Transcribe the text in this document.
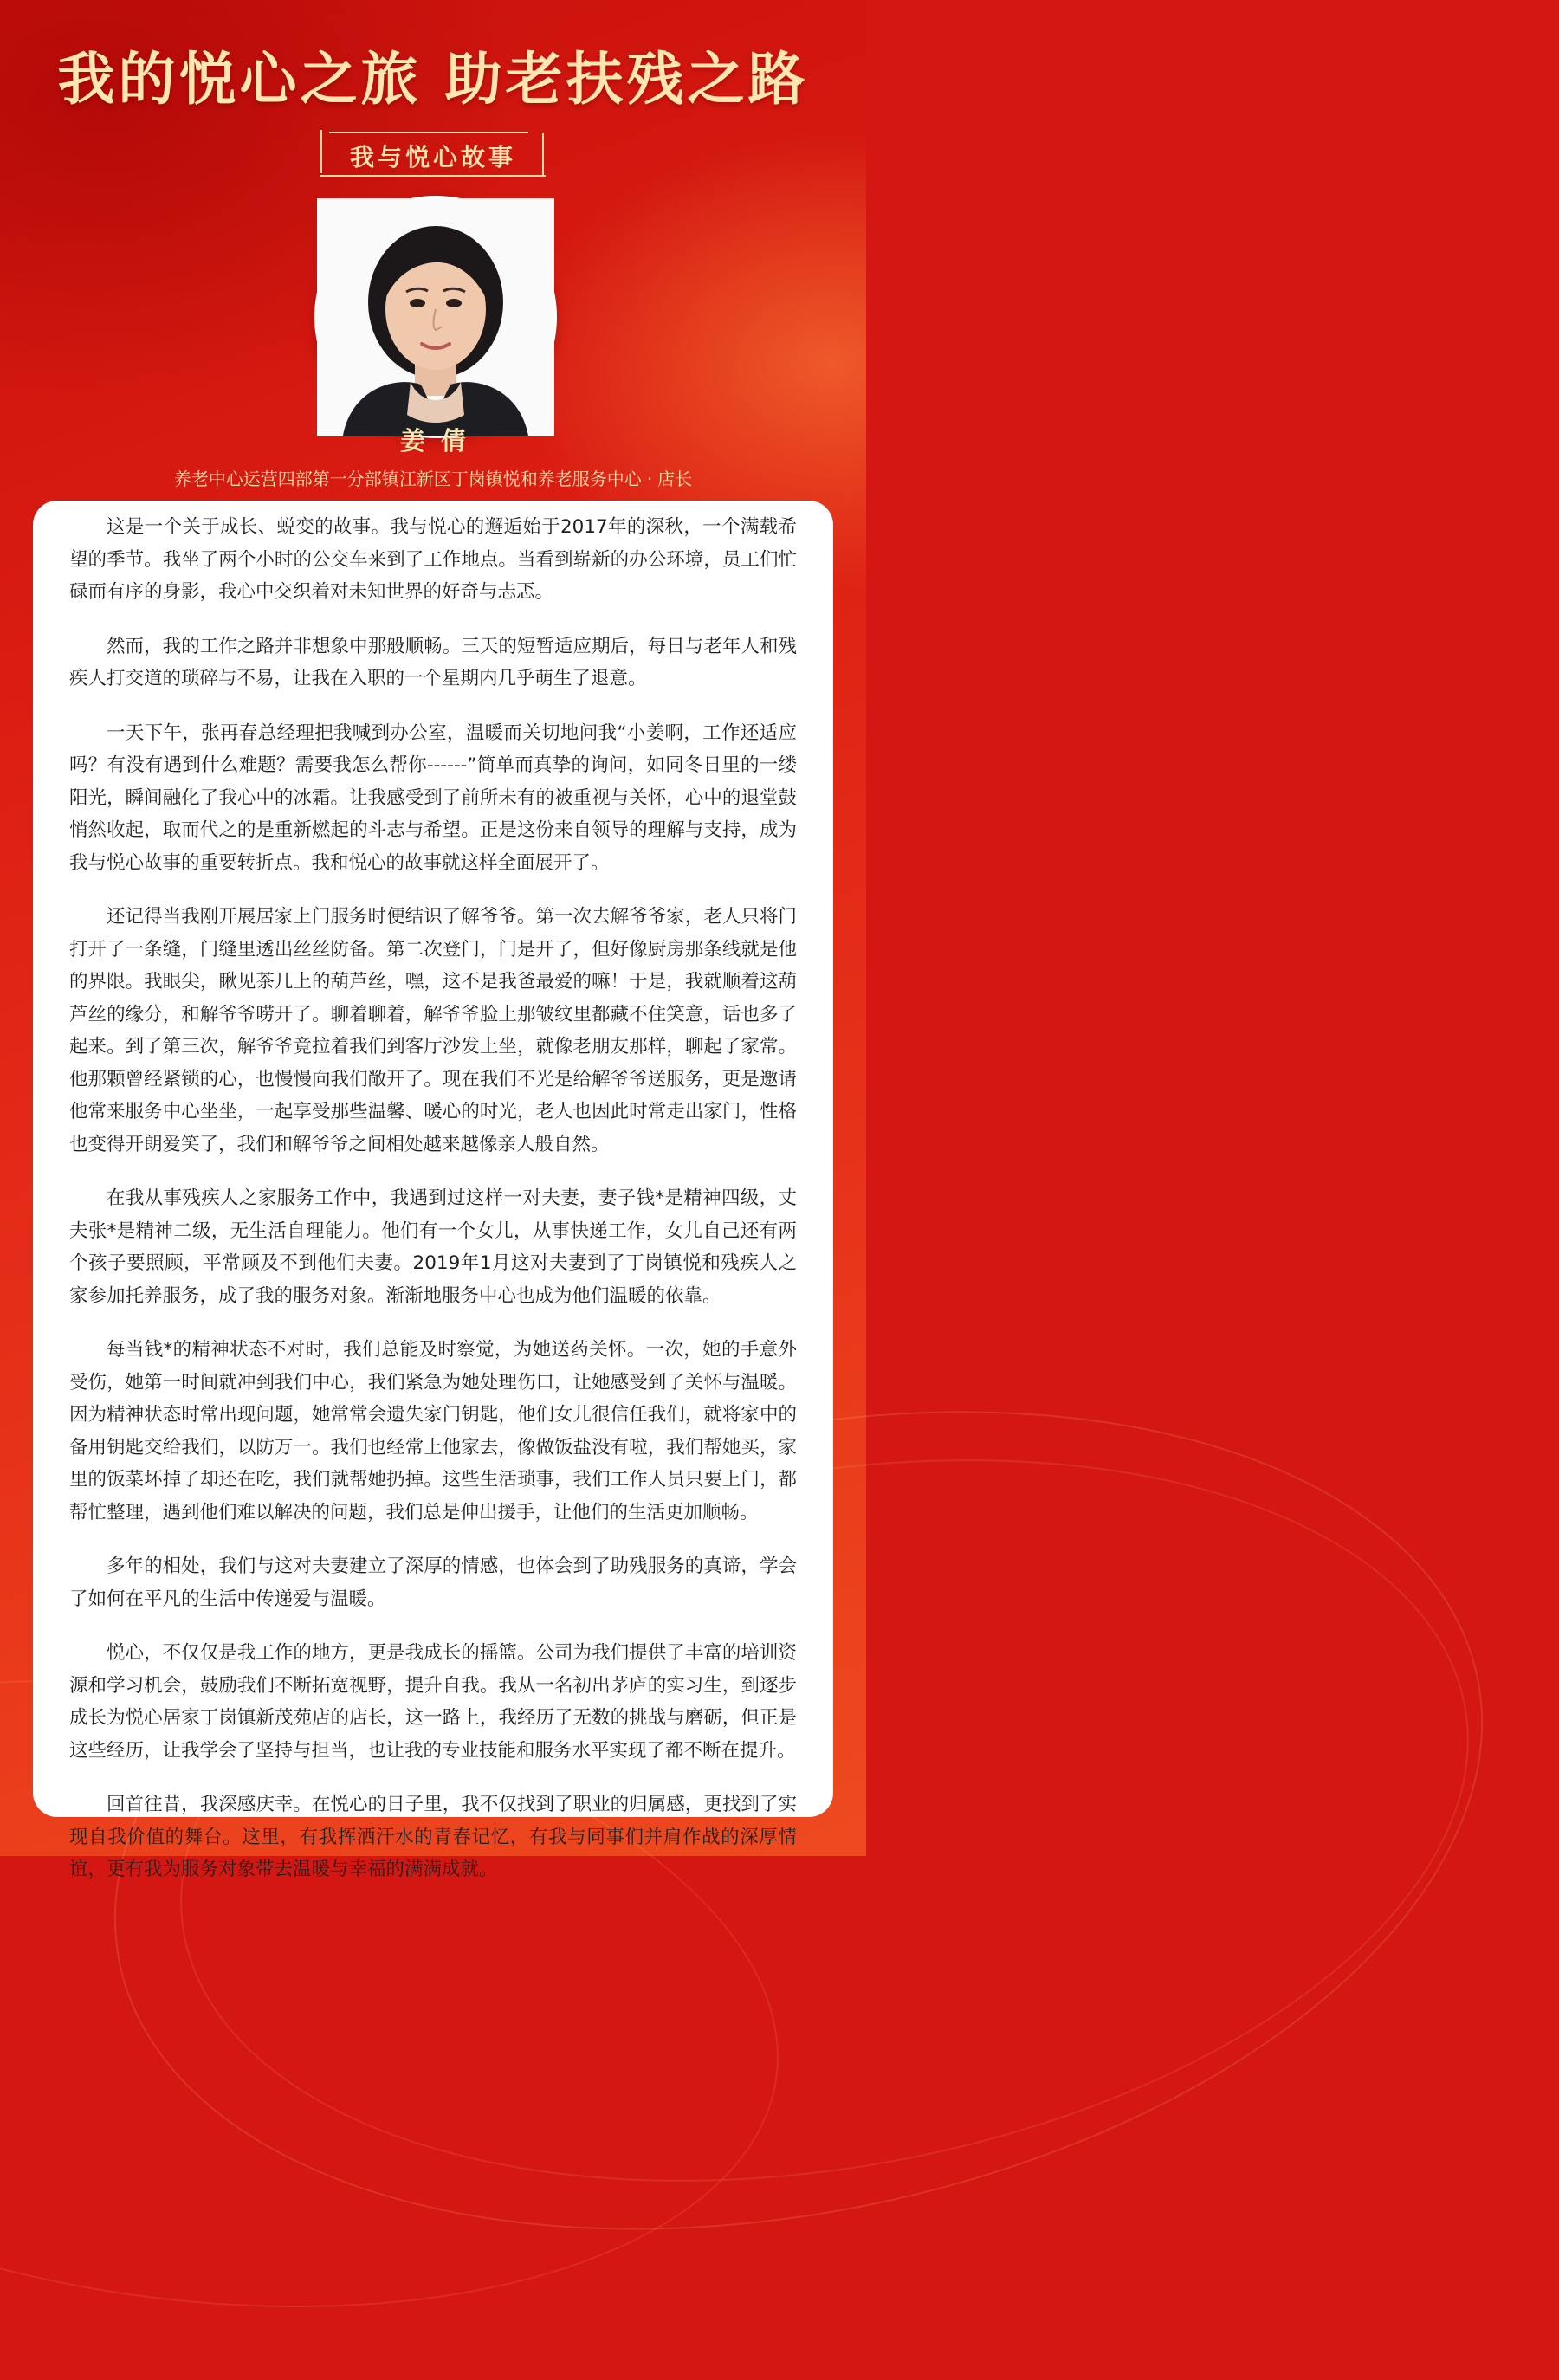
我的悦心之旅 助老扶残之路
我与悦心故事
姜倩
养老中心运营四部第一分部镇江新区丁岗镇悦和养老服务中心 · 店长

这是一个关于成长、蜕变的故事。我与悦心的邂逅始于2017年的深秋，一个满载希望的季节。我坐了两个小时的公交车来到了工作地点。当看到崭新的办公环境，员工们忙碌而有序的身影，我心中交织着对未知世界的好奇与忐忑。

然而，我的工作之路并非想象中那般顺畅。三天的短暂适应期后，每日与老年人和残疾人打交道的琐碎与不易，让我在入职的一个星期内几乎萌生了退意。

一天下午，张再春总经理把我喊到办公室，温暖而关切地问我“小姜啊，工作还适应吗？有没有遇到什么难题？需要我怎么帮你------”简单而真挚的询问，如同冬日里的一缕阳光，瞬间融化了我心中的冰霜。让我感受到了前所未有的被重视与关怀，心中的退堂鼓悄然收起，取而代之的是重新燃起的斗志与希望。正是这份来自领导的理解与支持，成为我与悦心故事的重要转折点。我和悦心的故事就这样全面展开了。

还记得当我刚开展居家上门服务时便结识了解爷爷。第一次去解爷爷家，老人只将门打开了一条缝，门缝里透出丝丝防备。第二次登门，门是开了，但好像厨房那条线就是他的界限。我眼尖，瞅见茶几上的葫芦丝，嘿，这不是我爸最爱的嘛！于是，我就顺着这葫芦丝的缘分，和解爷爷唠开了。聊着聊着，解爷爷脸上那皱纹里都藏不住笑意，话也多了起来。到了第三次，解爷爷竟拉着我们到客厅沙发上坐，就像老朋友那样，聊起了家常。他那颗曾经紧锁的心，也慢慢向我们敞开了。现在我们不光是给解爷爷送服务，更是邀请他常来服务中心坐坐，一起享受那些温馨、暖心的时光，老人也因此时常走出家门，性格也变得开朗爱笑了，我们和解爷爷之间相处越来越像亲人般自然。

在我从事残疾人之家服务工作中，我遇到过这样一对夫妻，妻子钱*是精神四级，丈夫张*是精神二级，无生活自理能力。他们有一个女儿，从事快递工作，女儿自己还有两个孩子要照顾，平常顾及不到他们夫妻。2019年1月这对夫妻到了丁岗镇悦和残疾人之家参加托养服务，成了我的服务对象。渐渐地服务中心也成为他们温暖的依靠。

每当钱*的精神状态不对时，我们总能及时察觉，为她送药关怀。一次，她的手意外受伤，她第一时间就冲到我们中心，我们紧急为她处理伤口，让她感受到了关怀与温暖。因为精神状态时常出现问题，她常常会遗失家门钥匙，他们女儿很信任我们，就将家中的备用钥匙交给我们，以防万一。我们也经常上他家去，像做饭盐没有啦，我们帮她买，家里的饭菜坏掉了却还在吃，我们就帮她扔掉。这些生活琐事，我们工作人员只要上门，都帮忙整理，遇到他们难以解决的问题，我们总是伸出援手，让他们的生活更加顺畅。

多年的相处，我们与这对夫妻建立了深厚的情感，也体会到了助残服务的真谛，学会了如何在平凡的生活中传递爱与温暖。

悦心，不仅仅是我工作的地方，更是我成长的摇篮。公司为我们提供了丰富的培训资源和学习机会，鼓励我们不断拓宽视野，提升自我。我从一名初出茅庐的实习生，到逐步成长为悦心居家丁岗镇新茂苑店的店长，这一路上，我经历了无数的挑战与磨砺，但正是这些经历，让我学会了坚持与担当，也让我的专业技能和服务水平实现了都不断在提升。

回首往昔，我深感庆幸。在悦心的日子里，我不仅找到了职业的归属感，更找到了实现自我价值的舞台。这里，有我挥洒汗水的青春记忆，有我与同事们并肩作战的深厚情谊，更有我为服务对象带去温暖与幸福的满满成就。
